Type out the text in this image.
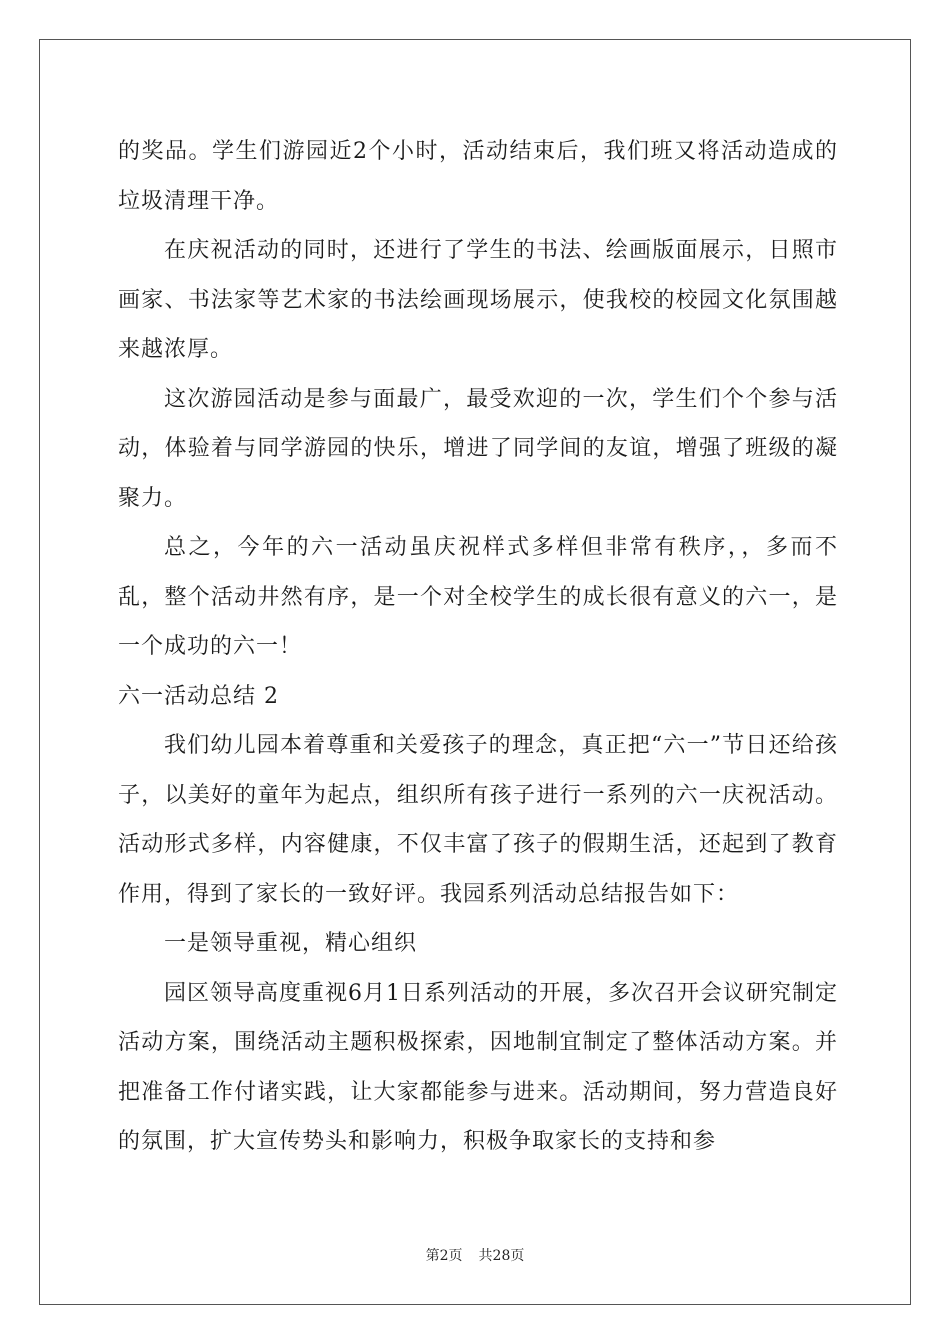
的奖品。学生们游园近2个小时，活动结束后，我们班又将活动造成的垃圾清理干净。

在庆祝活动的同时，还进行了学生的书法、绘画版面展示，日照市画家、书法家等艺术家的书法绘画现场展示，使我校的校园文化氛围越来越浓厚。

这次游园活动是参与面最广，最受欢迎的一次，学生们个个参与活动，体验着与同学游园的快乐，增进了同学间的友谊，增强了班级的凝聚力。

总之，今年的六一活动虽庆祝样式多样但非常有秩序，，多而不乱，整个活动井然有序，是一个对全校学生的成长很有意义的六一，是一个成功的六一！

六一活动总结 2

我们幼儿园本着尊重和关爱孩子的理念，真正把“六一”节日还给孩子，以美好的童年为起点，组织所有孩子进行一系列的六一庆祝活动。活动形式多样，内容健康，不仅丰富了孩子的假期生活，还起到了教育作用，得到了家长的一致好评。我园系列活动总结报告如下：

一是领导重视，精心组织

园区领导高度重视6月1日系列活动的开展，多次召开会议研究制定活动方案，围绕活动主题积极探索，因地制宜制定了整体活动方案。并把准备工作付诸实践，让大家都能参与进来。活动期间，努力营造良好的氛围，扩大宣传势头和影响力，积极争取家长的支持和参

第2页 共28页
